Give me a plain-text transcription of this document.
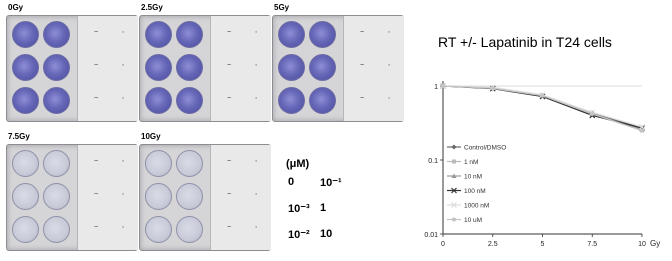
0Gy	2.5Gy	5Gy
7.5Gy	10Gy
(μM)
0 10⁻¹
10⁻³ 1
10⁻² 10
RT +/- Lapatinib in T24 cells
1
0.1
0.01
0	2.5	5	7.5	10 Gy
Control/DMSO
1 nM
10 nM
100 nM
1000 nM
10 uM
~	·
~	·
~	·
~	·
~	·
~	·
~	·
~	·
~	·
~	·
~	·
~	·
~	·
~	·
~	·
